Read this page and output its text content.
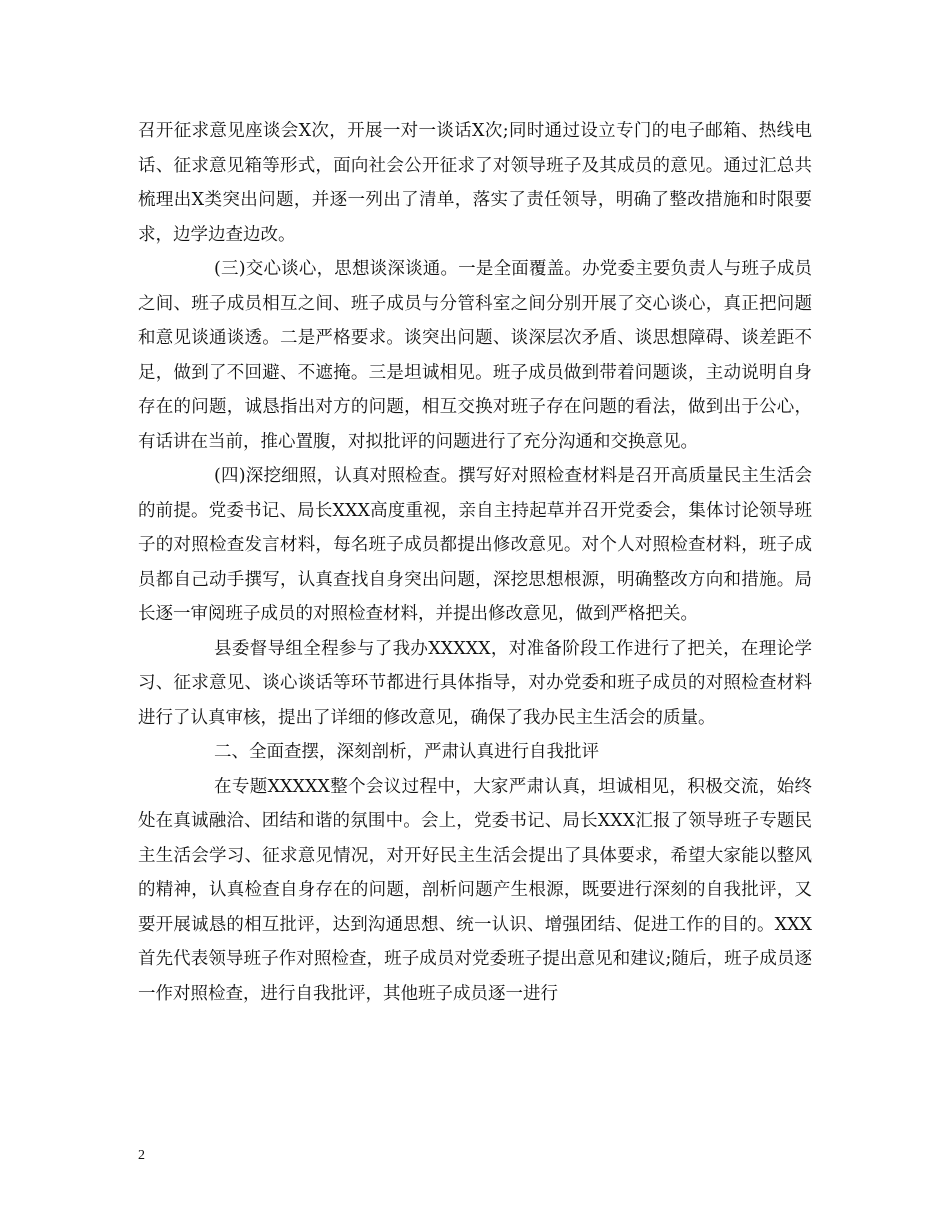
召开征求意见座谈会X次，开展一对一谈话X次;同时通过设立专门的电子邮箱、热线电话、征求意见箱等形式，面向社会公开征求了对领导班子及其成员的意见。通过汇总共梳理出X类突出问题，并逐一列出了清单，落实了责任领导，明确了整改措施和时限要求，边学边查边改。

(三)交心谈心，思想谈深谈通。一是全面覆盖。办党委主要负责人与班子成员之间、班子成员相互之间、班子成员与分管科室之间分别开展了交心谈心，真正把问题和意见谈通谈透。二是严格要求。谈突出问题、谈深层次矛盾、谈思想障碍、谈差距不足，做到了不回避、不遮掩。三是坦诚相见。班子成员做到带着问题谈，主动说明自身存在的问题，诚恳指出对方的问题，相互交换对班子存在问题的看法，做到出于公心，有话讲在当前，推心置腹，对拟批评的问题进行了充分沟通和交换意见。

(四)深挖细照，认真对照检查。撰写好对照检查材料是召开高质量民主生活会的前提。党委书记、局长XXX高度重视，亲自主持起草并召开党委会，集体讨论领导班子的对照检查发言材料，每名班子成员都提出修改意见。对个人对照检查材料，班子成员都自己动手撰写，认真查找自身突出问题，深挖思想根源，明确整改方向和措施。局长逐一审阅班子成员的对照检查材料，并提出修改意见，做到严格把关。

县委督导组全程参与了我办XXXXX，对准备阶段工作进行了把关，在理论学习、征求意见、谈心谈话等环节都进行具体指导，对办党委和班子成员的对照检查材料进行了认真审核，提出了详细的修改意见，确保了我办民主生活会的质量。

二、全面查摆，深刻剖析，严肃认真进行自我批评

在专题XXXXX整个会议过程中，大家严肃认真，坦诚相见，积极交流，始终处在真诚融洽、团结和谐的氛围中。会上，党委书记、局长XXX汇报了领导班子专题民主生活会学习、征求意见情况，对开好民主生活会提出了具体要求，希望大家能以整风的精神，认真检查自身存在的问题，剖析问题产生根源，既要进行深刻的自我批评，又要开展诚恳的相互批评，达到沟通思想、统一认识、增强团结、促进工作的目的。XXX首先代表领导班子作对照检查，班子成员对党委班子提出意见和建议;随后，班子成员逐一作对照检查，进行自我批评，其他班子成员逐一进行

2
